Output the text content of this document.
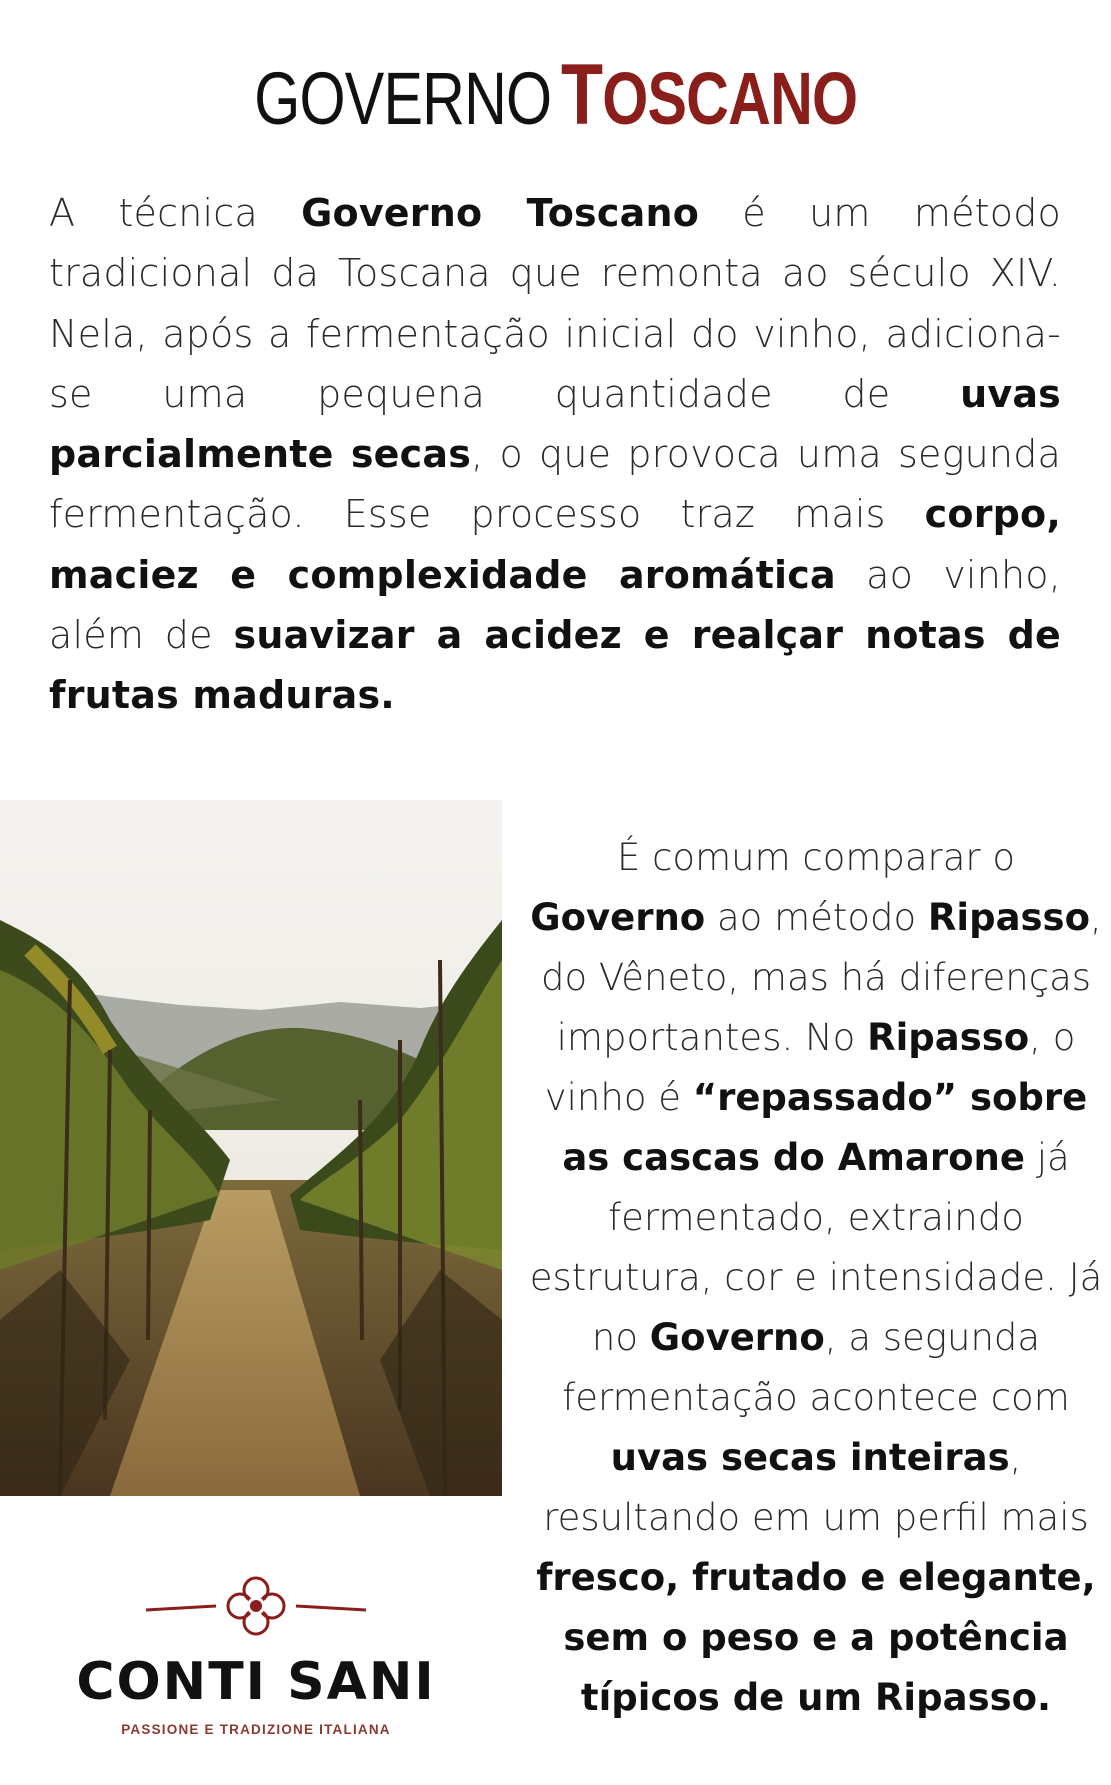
GOVERNO TOSCANO

A técnica Governo Toscano é um método tradicional da Toscana que remonta ao século XIV. Nela, após a fermentação inicial do vinho, adiciona-se uma pequena quantidade de uvas parcialmente secas, o que provoca uma segunda fermentação. Esse processo traz mais corpo, maciez e complexidade aromática ao vinho, além de suavizar a acidez e realçar notas de frutas maduras.

CONTI SANI

PASSIONE E TRADIZIONE ITALIANA

É comum comparar o Governo ao método Ripasso, do Vêneto, mas há diferenças importantes. No Ripasso, o vinho é “repassado” sobre as cascas do Amarone já fermentado, extraindo estrutura, cor e intensidade. Já no Governo, a segunda fermentação acontece com uvas secas inteiras, resultando em um perfil mais fresco, frutado e elegante, sem o peso e a potência típicos de um Ripasso.
